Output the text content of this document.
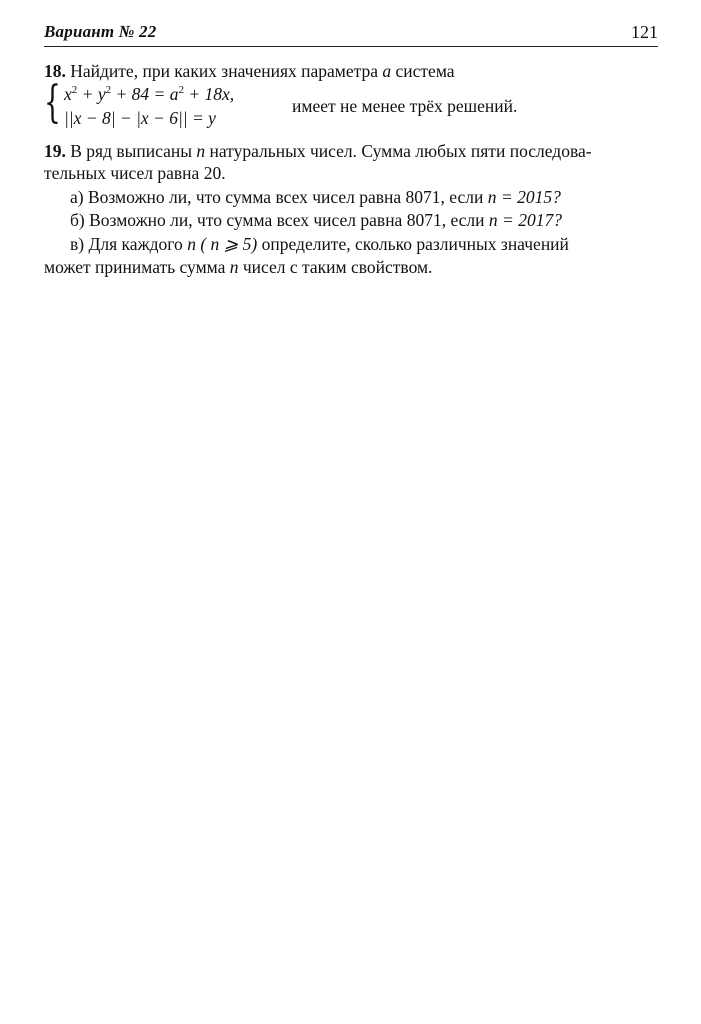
Вариант № 22	121
18. Найдите, при каких значениях параметра a система
{ $x^2 + y^2 + 84 = a^2 + 18x$,
||x − 8| − |x − 6|| = y
имеет не менее трёх решений.
19. В ряд выписаны n натуральных чисел. Сумма любых пяти последова-
тельных чисел равна 20.
а) Возможно ли, что сумма всех чисел равна 8071, если n = 2015?
б) Возможно ли, что сумма всех чисел равна 8071, если n = 2017?
в) Для каждого n ( n ⩾ 5) определите, сколько различных значений
может принимать сумма n чисел с таким свойством.
